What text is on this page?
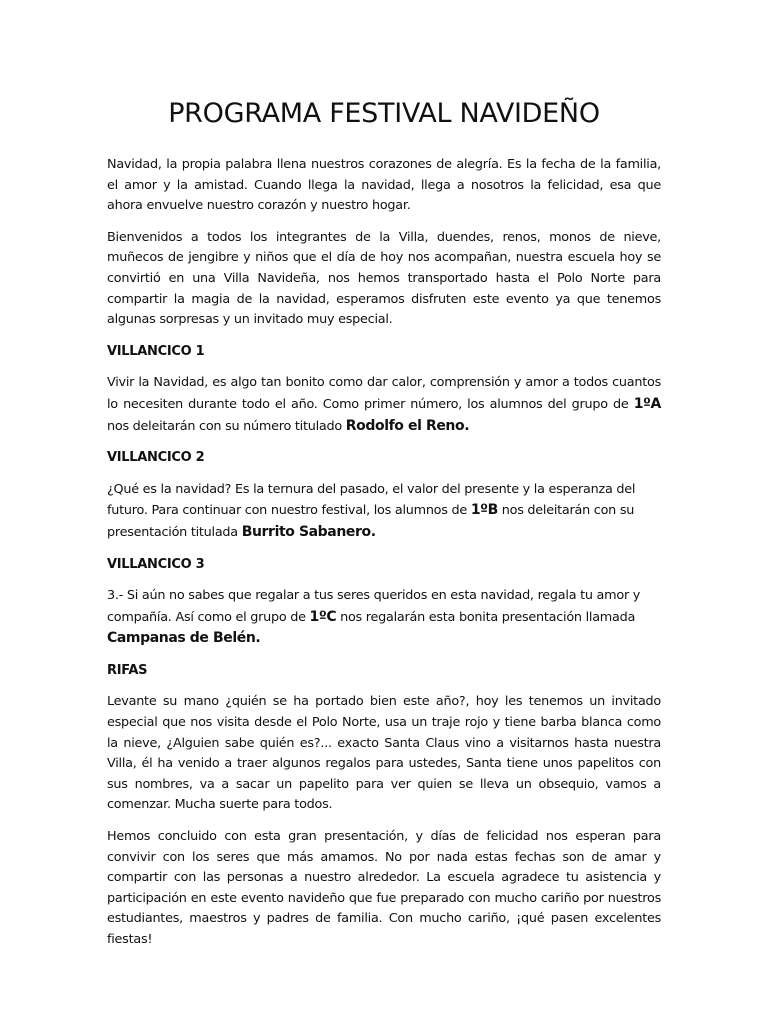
PROGRAMA FESTIVAL NAVIDEÑO

Navidad, la propia palabra llena nuestros corazones de alegría. Es la fecha de la familia, el amor y la amistad. Cuando llega la navidad, llega a nosotros la felicidad, esa que ahora envuelve nuestro corazón y nuestro hogar.

Bienvenidos a todos los integrantes de la Villa, duendes, renos, monos de nieve, muñecos de jengibre y niños que el día de hoy nos acompañan, nuestra escuela hoy se convirtió en una Villa Navideña, nos hemos transportado hasta el Polo Norte para compartir la magia de la navidad, esperamos disfruten este evento ya que tenemos algunas sorpresas y un invitado muy especial.

VILLANCICO 1

Vivir la Navidad, es algo tan bonito como dar calor, comprensión y amor a todos cuantos lo necesiten durante todo el año. Como primer número, los alumnos del grupo de 1ºA nos deleitarán con su número titulado Rodolfo el Reno.

VILLANCICO 2

¿Qué es la navidad? Es la ternura del pasado, el valor del presente y la esperanza del futuro. Para continuar con nuestro festival, los alumnos de 1ºB nos deleitarán con su presentación titulada Burrito Sabanero.

VILLANCICO 3

3.- Si aún no sabes que regalar a tus seres queridos en esta navidad, regala tu amor y compañía. Así como el grupo de 1ºC nos regalarán esta bonita presentación llamada Campanas de Belén.

RIFAS

Levante su mano ¿quién se ha portado bien este año?, hoy les tenemos un invitado especial que nos visita desde el Polo Norte, usa un traje rojo y tiene barba blanca como la nieve, ¿Alguien sabe quién es?... exacto Santa Claus vino a visitarnos hasta nuestra Villa, él ha venido a traer algunos regalos para ustedes, Santa tiene unos papelitos con sus nombres, va a sacar un papelito para ver quien se lleva un obsequio, vamos a comenzar. Mucha suerte para todos.

Hemos concluido con esta gran presentación, y días de felicidad nos esperan para convivir con los seres que más amamos. No por nada estas fechas son de amar y compartir con las personas a nuestro alrededor. La escuela agradece tu asistencia y participación en este evento navideño que fue preparado con mucho cariño por nuestros estudiantes, maestros y padres de familia. Con mucho cariño, ¡qué pasen excelentes fiestas!
